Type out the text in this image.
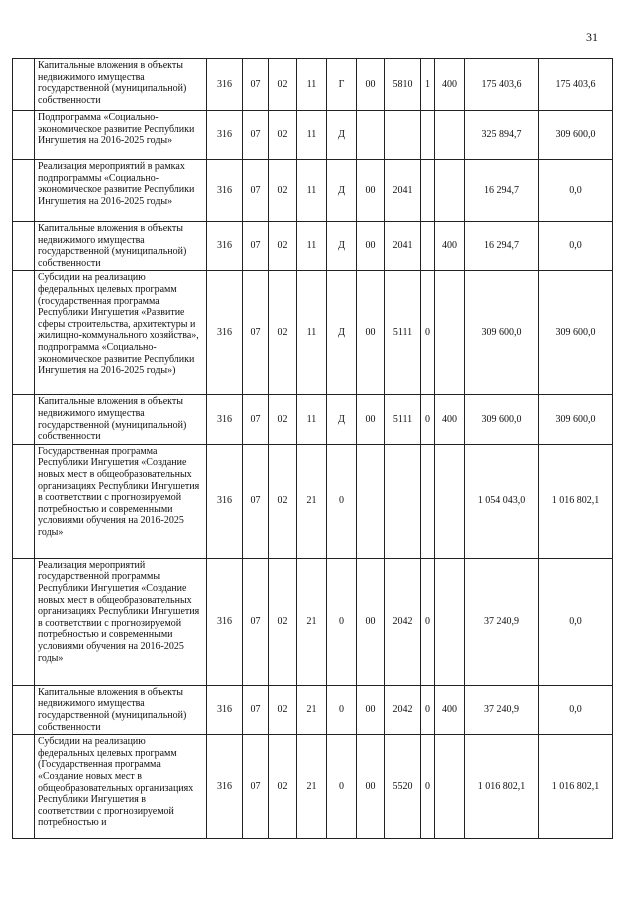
31
	Капитальные вложения в объекты недвижимого имущества государственной (муниципальной) собственности	316	07	02	11	Г	00	5810	1	400	175 403,6	175 403,6
	Подпрограмма «Социально-экономическое развитие Республики Ингушетия на 2016-2025 годы»	316	07	02	11	Д					325 894,7	309 600,0
	Реализация мероприятий в рамках подпрограммы «Социально-экономическое развитие Республики Ингушетия на 2016-2025 годы»	316	07	02	11	Д	00	2041			16 294,7	0,0
	Капитальные вложения в объекты недвижимого имущества государственной (муниципальной) собственности	316	07	02	11	Д	00	2041		400	16 294,7	0,0
	Субсидии на реализацию федеральных целевых программ (государственная программа Республики Ингушетия «Развитие сферы строительства, архитектуры и жилищно-коммунального хозяйства», подпрограмма «Социально-экономическое развитие Республики Ингушетия на 2016-2025 годы»)	316	07	02	11	Д	00	5111	0		309 600,0	309 600,0
	Капитальные вложения в объекты недвижимого имущества государственной (муниципальной) собственности	316	07	02	11	Д	00	5111	0	400	309 600,0	309 600,0
	Государственная программа Республики Ингушетия «Создание новых мест в общеобразовательных организациях Республики Ингушетия в соответствии с прогнозируемой потребностью и современными условиями обучения на 2016-2025 годы»	316	07	02	21	0					1 054 043,0	1 016 802,1
	Реализация мероприятий государственной программы Республики Ингушетия «Создание новых мест в общеобразовательных организациях Республики Ингушетия в соответствии с прогнозируемой потребностью и современными условиями обучения на 2016-2025 годы»	316	07	02	21	0	00	2042	0		37 240,9	0,0
	Капитальные вложения в объекты недвижимого имущества государственной (муниципальной) собственности	316	07	02	21	0	00	2042	0	400	37 240,9	0,0
	Субсидии на реализацию федеральных целевых программ (Государственная программа «Создание новых мест в общеобразовательных организациях Республики Ингушетия в соответствии с прогнозируемой потребностью и	316	07	02	21	0	00	5520	0		1 016 802,1	1 016 802,1
